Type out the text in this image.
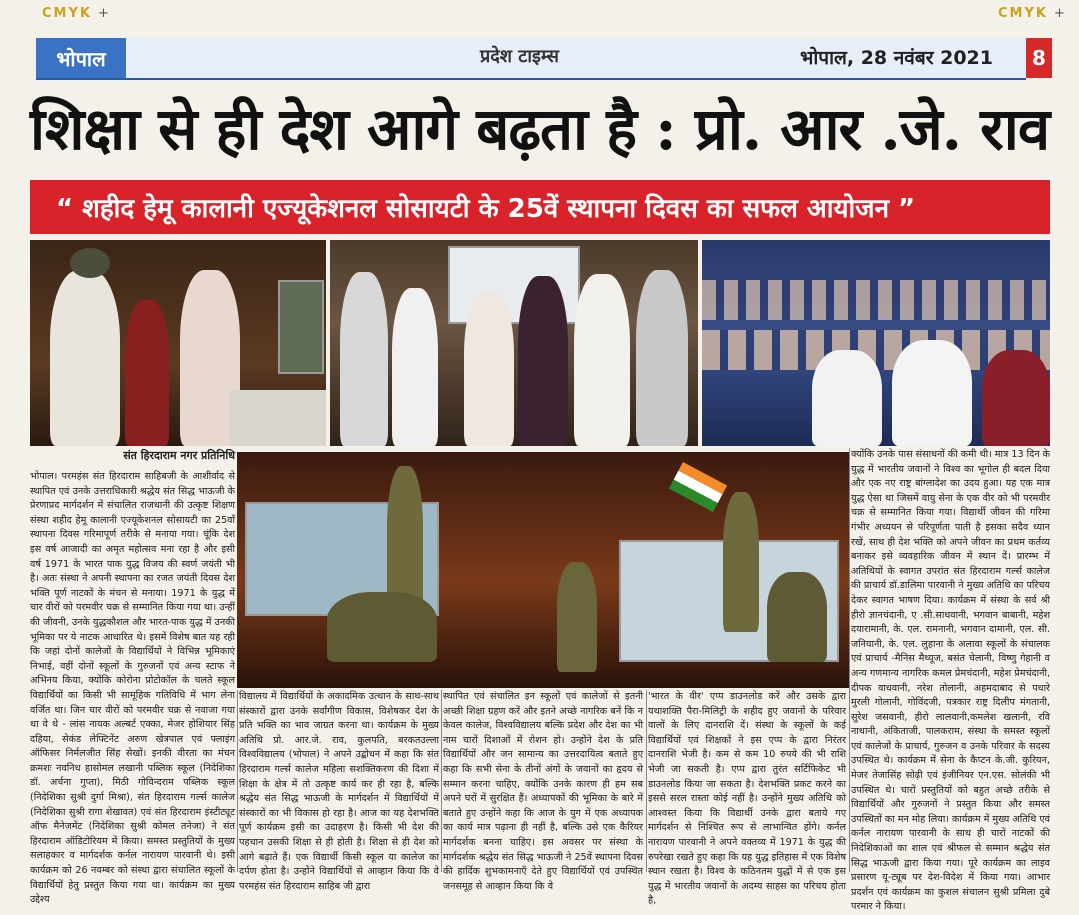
CMYK +	CMYK +
भोपाल	प्रदेश टाइम्स	भोपाल, 28 नवंबर 2021	8
शिक्षा से ही देश आगे बढ़ता है : प्रो. आर .जे. राव
“ शहीद हेमू कालानी एज्यूकेशनल सोसायटी के 25वें स्थापना दिवस का सफल आयोजन ”
संत हिरदाराम नगर प्रतिनिधि
भोपाल। परमहंस संत हिरदाराम साहिबजी के आशीर्वाद से स्थापित एवं उनके उत्तराधिकारी श्रद्धेय संत सिद्ध भाऊजी के प्रेरणाप्रद मार्गदर्शन में संचालित राजधानी की उत्कृष्ट शिक्षण संस्था शहीद हेमू कालानी एज्यूकेशनल सोसायटी का 25वाँ स्थापना दिवस गरिमापूर्ण तरीके से मनाया गया। चूंकि देश इस वर्ष आजादी का अमृत महोत्सव मना रहा है और इसी वर्ष 1971 के भारत पाक युद्ध विजय की स्वर्ण जयंती भी है। अतः संस्था ने अपनी स्थापना का रजत जयंती दिवस देश भक्ति पूर्ण नाटकों के मंचन से मनाया। 1971 के युद्ध में चार वीरों को परमवीर चक्र से सम्मानित किया गया था। उन्हीं की जीवनी, उनके युद्धकौशल और भारत-पाक युद्ध में उनकी भूमिका पर ये नाटक आधारित थे। इसमें विशेष बात यह रही कि जहां दोनों कालेजों के विद्यार्थियों ने विभिन्न भूमिकाएं निभाई, वहीं दोनों स्कूलों के गुरुजनों एवं अन्य स्टाफ ने अभिनय किया, क्योंकि कोरोना प्रोटोकॉल के चलते स्कूल विद्यार्थियों का किसी भी सामूहिक गतिविधि में भाग लेना वर्जित था। जिन चार वीरों को परमवीर चक्र से नवाजा गया था वे थे - लांस नायक अल्बर्ट एक्का, मेजर होशियार सिंह दहिया, सेकंड लेफ्टिनेंट अरुण खेत्रपाल एवं फ्लाइंग ऑफिसर निर्मलजीत सिंह सेखों। इनकी वीरता का मंचन क्रमशः नवनिध हासोमल लखानी पब्लिक स्कूल (निदेशिका डॉ. अर्चना गुप्ता), मिठी गोविन्दराम पब्लिक स्कूल (निदेशिका सुश्री दुर्गा मिश्रा), संत हिरदाराम गर्ल्स कालेज (निदेशिका सुश्री रागा शेखावत) एवं संत हिरदाराम इंस्टीट्यूट ऑफ मैनेजमेंट (निदेशिका सुश्री कोमल तनेजा) ने संत हिरदाराम ऑडिटोरियम में किया। समस्त प्रस्तुतियों के मुख्य सलाहकार व मार्गदर्शक कर्नल नारायण पारवानी थे। इसी कार्यक्रम को 26 नवम्बर को संस्था द्वारा संचालित स्कूलों के विद्यार्थियों हेतु प्रस्तुत किया गया था। कार्यक्रम का मुख्य उद्देश्य
विद्यालय में विद्यार्थियों के अकादमिक उत्थान के साथ-साथ संस्कारों द्वारा उनके सर्वांगीण विकास, विशेषकर देश के प्रति भक्ति का भाव जाग्रत करना था। कार्यक्रम के मुख्य अतिथि प्रो. आर.जे. राव, कुलपति, बरकतउल्ला विश्वविद्यालय (भोपाल) ने अपने उद्बोधन में कहा कि संत हिरदाराम गर्ल्स कालेज महिला सशक्तिकरण की दिशा में शिक्षा के क्षेत्र में तो उत्कृष्ट कार्य कर ही रहा है, बल्कि श्रद्धेय संत सिद्ध भाऊजी के मार्गदर्शन में विद्यार्थियों में संस्कारों का भी विकास हो रहा है। आज का यह देशभक्ति पूर्ण कार्यक्रम इसी का उदाहरण है। किसी भी देश की पहचान उसकी शिक्षा से ही होती है। शिक्षा से ही देश को आगे बढ़ाते हैं। एक विद्यार्थी किसी स्कूल या कालेज का दर्पण होता है। उन्होंने विद्यार्थियों से आव्हान किया कि वे परमहंस संत हिरदाराम साहिब जी द्वारा
स्थापित एवं संचालित इन स्कूलों एवं कालेजों से इतनी अच्छी शिक्षा ग्रहण करें और इतने अच्छे नागरिक बनें कि न केवल कालेज, विश्वविद्यालय बल्कि प्रदेश और देश का भी नाम चारों दिशाओं में रोशन हो। उन्होंने देश के प्रति विद्यार्थियों और जन सामान्य का उत्तरदायित्व बताते हुए कहा कि सभी सेना के तीनों अंगों के जवानों का हृदय से सम्मान करना चाहिए, क्योंकि उनके कारण ही हम सब अपने घरों में सुरक्षित हैं। अध्यापकों की भूमिका के बारे में बताते हुए उन्होंने कहा कि आज के युग में एक अध्यापक का कार्य मात्र पढ़ाना ही नहीं है, बल्कि उसे एक कैरियर मार्गदर्शक बनना चाहिए। इस अवसर पर संस्था के मार्गदर्शक श्रद्धेय संत सिद्ध भाऊजी ने 25वें स्थापना दिवस की हार्दिक शुभकामनाएँ देते हुए विद्यार्थियों एवं उपस्थित जनसमूह से आव्हान किया कि वे
'भारत के वीर' एप्प डाउनलोड करें और उसके द्वारा यथाशक्ति पैरा-मिलिट्री के शहीद हुए जवानों के परिवार वालों के लिए दानराशि दें। संस्था के स्कूलों के कई विद्यार्थियों एवं शिक्षकों ने इस एप्प के द्वारा निरंतर दानराशि भेजी है। कम से कम 10 रुपये की भी राशि भेजी जा सकती है। एप्प द्वारा तुरंत सर्टिफिकेट भी डाउनलोड किया जा सकता है। देशभक्ति प्रकट करने का इससे सरल रास्ता कोई नहीं है। उन्होंने मुख्य अतिथि को आश्वस्त किया कि विद्यार्थी उनके द्वारा बताये गए मार्गदर्शन से निश्चित रूप से लाभान्वित होंगे। कर्नल नारायण पारवानी ने अपने वक्तव्य में 1971 के युद्ध की रुपरेखा रखते हुए कहा कि यह युद्ध इतिहास में एक विशेष स्थान रखता है। विश्व के कठिनतम युद्धों में से एक इस युद्ध में भारतीय जवानों के अदम्य साहस का परिचय होता है,
क्योंकि उनके पास संसाधनों की कमी थी। मात्र 13 दिन के युद्ध में भारतीय जवानों ने विश्व का भूगोल ही बदल दिया और एक नए राष्ट्र बांग्लादेश का उदय हुआ। यह एक मात्र युद्ध ऐसा था जिसमें वायु सेना के एक वीर को भी परमवीर चक्र से सम्मानित किया गया। विद्यार्थी जीवन की गरिमा गंभीर अध्ययन से परिपूर्णता पाती है इसका सदैव ध्यान रखें, साथ ही देश भक्ति को अपने जीवन का प्रथम कर्तव्य बनाकर इसे व्यवहारिक जीवन में स्थान दें। प्रारम्भ में अतिथियों के स्वागत उपरांत संत हिरदाराम गर्ल्स कालेज की प्राचार्य डॉ.डालिमा पारवानी ने मुख्य अतिथि का परिचय देकर स्वागत भाषण दिया। कार्यक्रम में संस्था के सर्व श्री हीरो ज्ञानचंदानी, ए .सी.साधवानी, भगवान बाबानी, महेश दयारामानी, के. एल. रामनानी, भगवान दामानी, एल. सी. जनियानी, के. एल. लुहाना के अलावा स्कूलों के संचालक एवं प्राचार्य -मैनिस मैथ्यूज, बसंत चेलानी, विष्णु गेहानी व अन्य गणमान्य नागरिक कमल प्रेमचंदानी, महेश प्रेमचंदानी, दीपक वाधवानी, नरेश तोलानी, अहमदाबाद से पधारे मुरली गोलानी, गोविंदजी, पत्रकार राष्ट्र दिलीप मंगतानी, सुरेश जसवानी, हीरो लालवानी,कमलेश खलानी, रवि नाथानी, अंकिताजी, पालकराम, संस्था के समस्त स्कूलों एवं कालेजों के प्राचार्य, गुरुजन व उनके परिवार के सदस्य उपस्थित थे। कार्यक्रम में सेना के कैप्टन के.जी. कुरियन, मेजर तेजासिंह सोढ़ी एवं इंजीनियर एन.एस. सोलंकी भी उपस्थित थे। चारों प्रस्तुतियों को बहुत अच्छे तरीके से विद्यार्थियों और गुरुजनों ने प्रस्तुत किया और समस्त उपस्थितों का मन मोह लिया। कार्यक्रम में मुख्य अतिथि एवं कर्नल नारायण पारवानी के साथ ही चारों नाटकों की निदेशिकाओं का शाल एवं श्रीफल से सम्मान श्रद्धेय संत सिद्ध भाऊजी द्वारा किया गया। पूरे कार्यक्रम का लाइव प्रसारण यू-ट्यूब पर देश-विदेश में किया गया। आभार प्रदर्शन एवं कार्यक्रम का कुशल संचालन सुश्री प्रमिला दुबे परमार ने किया।
